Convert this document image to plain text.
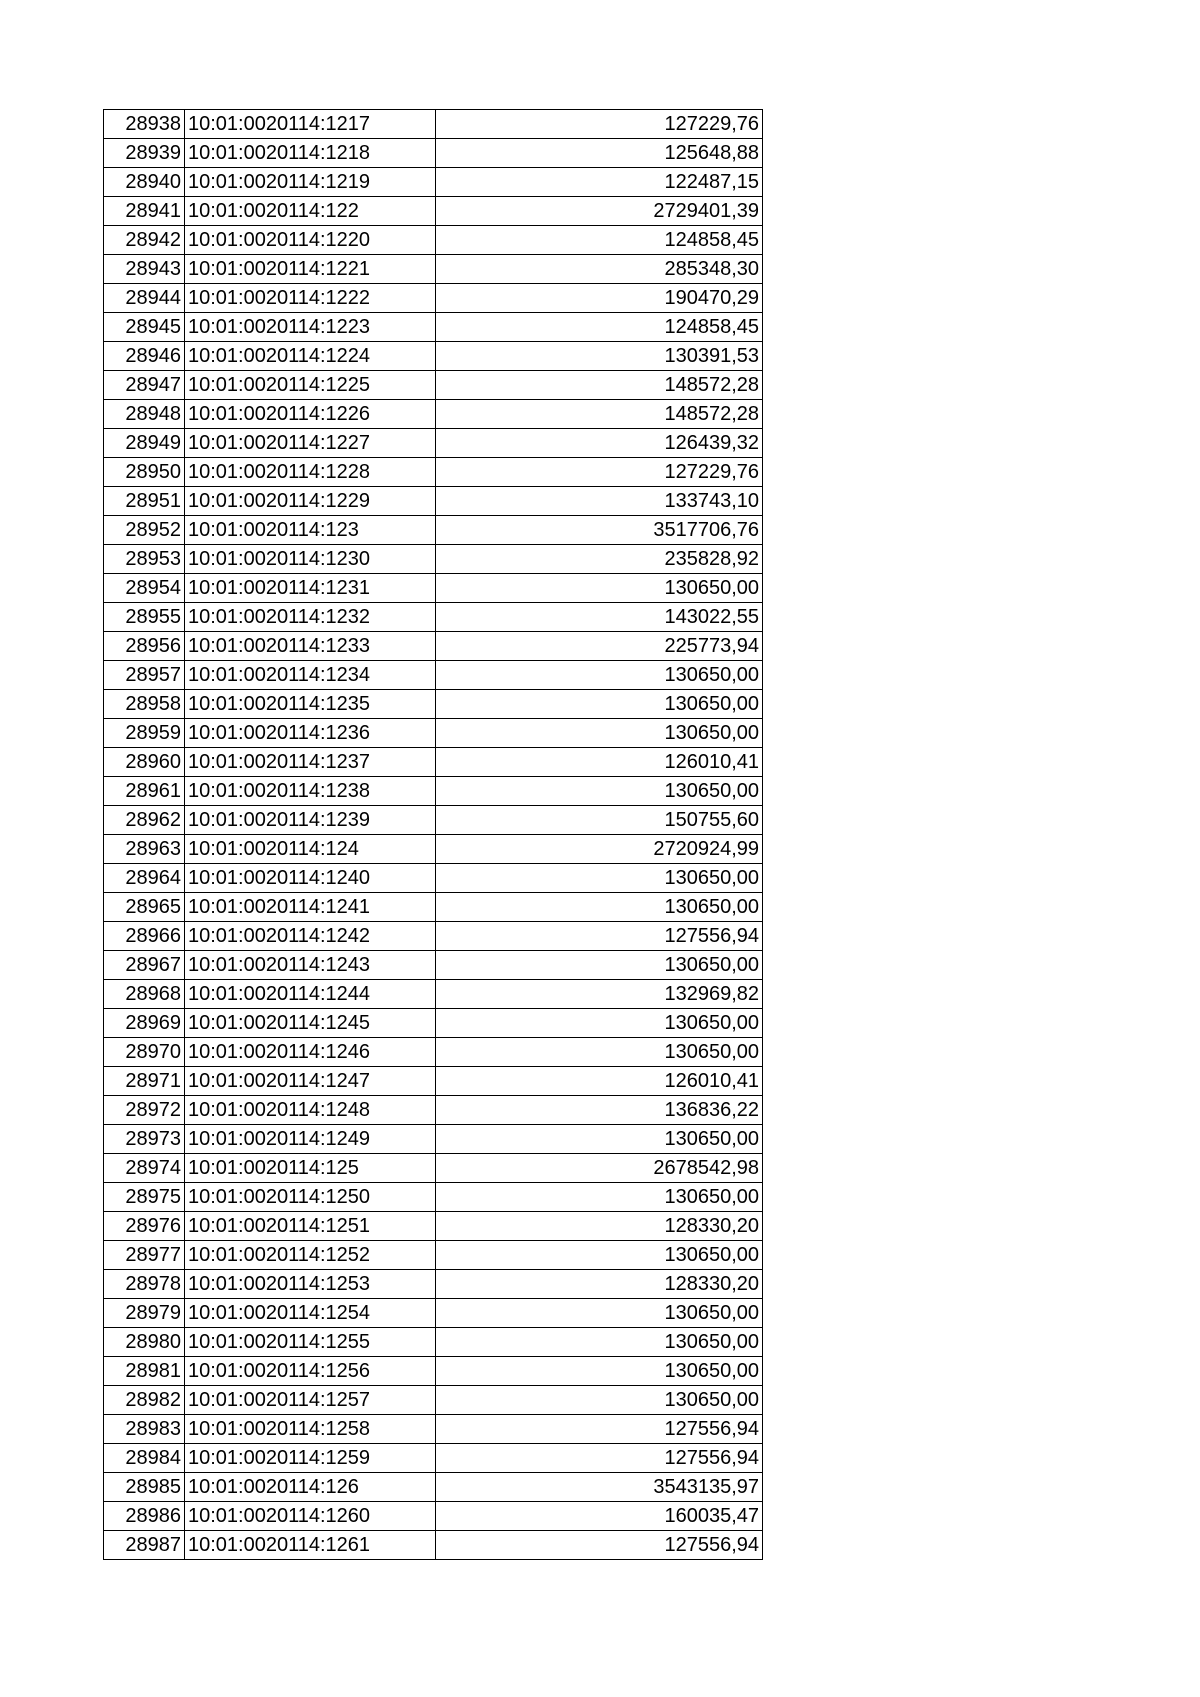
28938	10:01:0020114:1217	127229,76
28939	10:01:0020114:1218	125648,88
28940	10:01:0020114:1219	122487,15
28941	10:01:0020114:122	2729401,39
28942	10:01:0020114:1220	124858,45
28943	10:01:0020114:1221	285348,30
28944	10:01:0020114:1222	190470,29
28945	10:01:0020114:1223	124858,45
28946	10:01:0020114:1224	130391,53
28947	10:01:0020114:1225	148572,28
28948	10:01:0020114:1226	148572,28
28949	10:01:0020114:1227	126439,32
28950	10:01:0020114:1228	127229,76
28951	10:01:0020114:1229	133743,10
28952	10:01:0020114:123	3517706,76
28953	10:01:0020114:1230	235828,92
28954	10:01:0020114:1231	130650,00
28955	10:01:0020114:1232	143022,55
28956	10:01:0020114:1233	225773,94
28957	10:01:0020114:1234	130650,00
28958	10:01:0020114:1235	130650,00
28959	10:01:0020114:1236	130650,00
28960	10:01:0020114:1237	126010,41
28961	10:01:0020114:1238	130650,00
28962	10:01:0020114:1239	150755,60
28963	10:01:0020114:124	2720924,99
28964	10:01:0020114:1240	130650,00
28965	10:01:0020114:1241	130650,00
28966	10:01:0020114:1242	127556,94
28967	10:01:0020114:1243	130650,00
28968	10:01:0020114:1244	132969,82
28969	10:01:0020114:1245	130650,00
28970	10:01:0020114:1246	130650,00
28971	10:01:0020114:1247	126010,41
28972	10:01:0020114:1248	136836,22
28973	10:01:0020114:1249	130650,00
28974	10:01:0020114:125	2678542,98
28975	10:01:0020114:1250	130650,00
28976	10:01:0020114:1251	128330,20
28977	10:01:0020114:1252	130650,00
28978	10:01:0020114:1253	128330,20
28979	10:01:0020114:1254	130650,00
28980	10:01:0020114:1255	130650,00
28981	10:01:0020114:1256	130650,00
28982	10:01:0020114:1257	130650,00
28983	10:01:0020114:1258	127556,94
28984	10:01:0020114:1259	127556,94
28985	10:01:0020114:126	3543135,97
28986	10:01:0020114:1260	160035,47
28987	10:01:0020114:1261	127556,94
